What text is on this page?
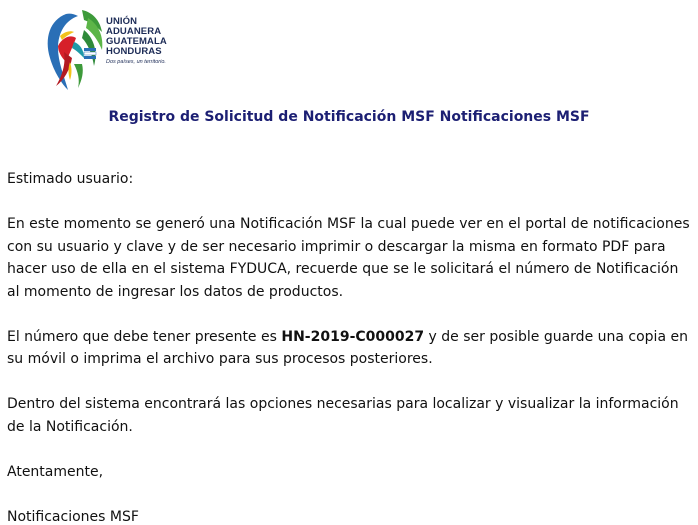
UNIÓN
ADUANERA
GUATEMALA
HONDURAS
Dos países, un territorio.
Registro de Solicitud de Notificación MSF Notificaciones MSF

Estimado usuario:

En este momento se generó una Notificación MSF la cual puede ver en el portal de notificaciones con su usuario y clave y de ser necesario imprimir o descargar la misma en formato PDF para hacer uso de ella en el sistema FYDUCA, recuerde que se le solicitará el número de Notificación al momento de ingresar los datos de productos.

El número que debe tener presente es HN-2019-C000027 y de ser posible guarde una copia en su móvil o imprima el archivo para sus procesos posteriores.

Dentro del sistema encontrará las opciones necesarias para localizar y visualizar la información de la Notificación.

Atentamente,

Notificaciones MSF
